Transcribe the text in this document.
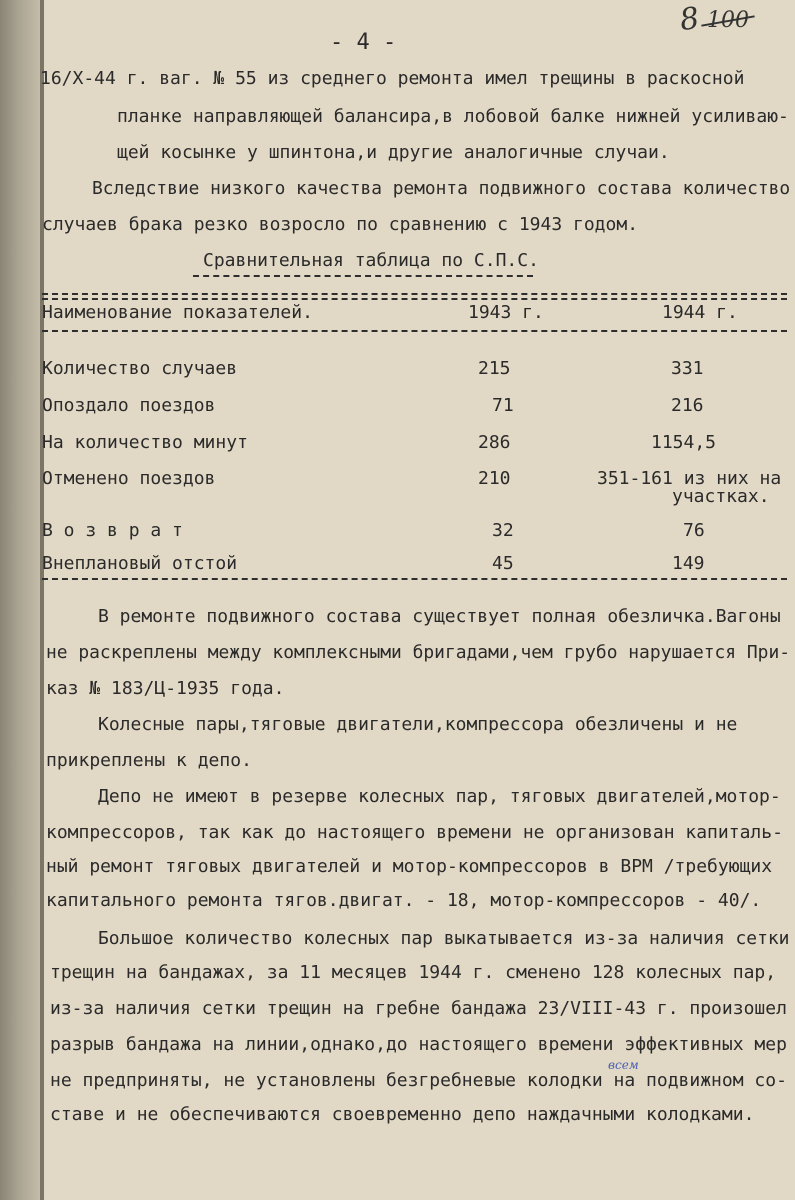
- 4 -
8 100
16/Х-44 г. ваг. № 55 из среднего ремонта имел трещины в раскосной
планке направляющей балансира,в лобовой балке нижней усиливаю-
щей косынке у шпинтона,и другие аналогичные случаи.
Вследствие низкого качества ремонта подвижного состава количество
случаев брака резко возросло по сравнению с 1943 годом.
Сравнительная таблица по С.П.С.
Наименование показателей.	1943 г.	1944 г.
Количество случаев	215	331
Опоздало поездов	71	216
На количество минут	286	1154,5
Отменено поездов	210	351-161 из них на
участках.
В о з в р а т	32	76
Внеплановый отстой	45	149
В ремонте подвижного состава существует полная обезличка.Вагоны
не раскреплены между комплексными бригадами,чем грубо нарушается При-
каз № 183/Ц-1935 года.
Колесные пары,тяговые двигатели,компрессора обезличены и не
прикреплены к депо.
Депо не имеют в резерве колесных пар, тяговых двигателей,мотор-
компрессоров, так как до настоящего времени не организован капиталь-
ный ремонт тяговых двигателей и мотор-компрессоров в ВРМ /требующих
капитального ремонта тягов.двигат. - 18, мотор-компрессоров - 40/.
Большое количество колесных пар выкатывается из-за наличия сетки
трещин на бандажах, за 11 месяцев 1944 г. сменено 128 колесных пар,
из-за наличия сетки трещин на гребне бандажа 23/VIII-43 г. произошел
разрыв бандажа на линии,однако,до настоящего времени эффективных мер
не предприняты, не установлены безгребневые колодки на подвижном со-
ставе и не обеспечиваются своевременно депо наждачными колодками.
всем
